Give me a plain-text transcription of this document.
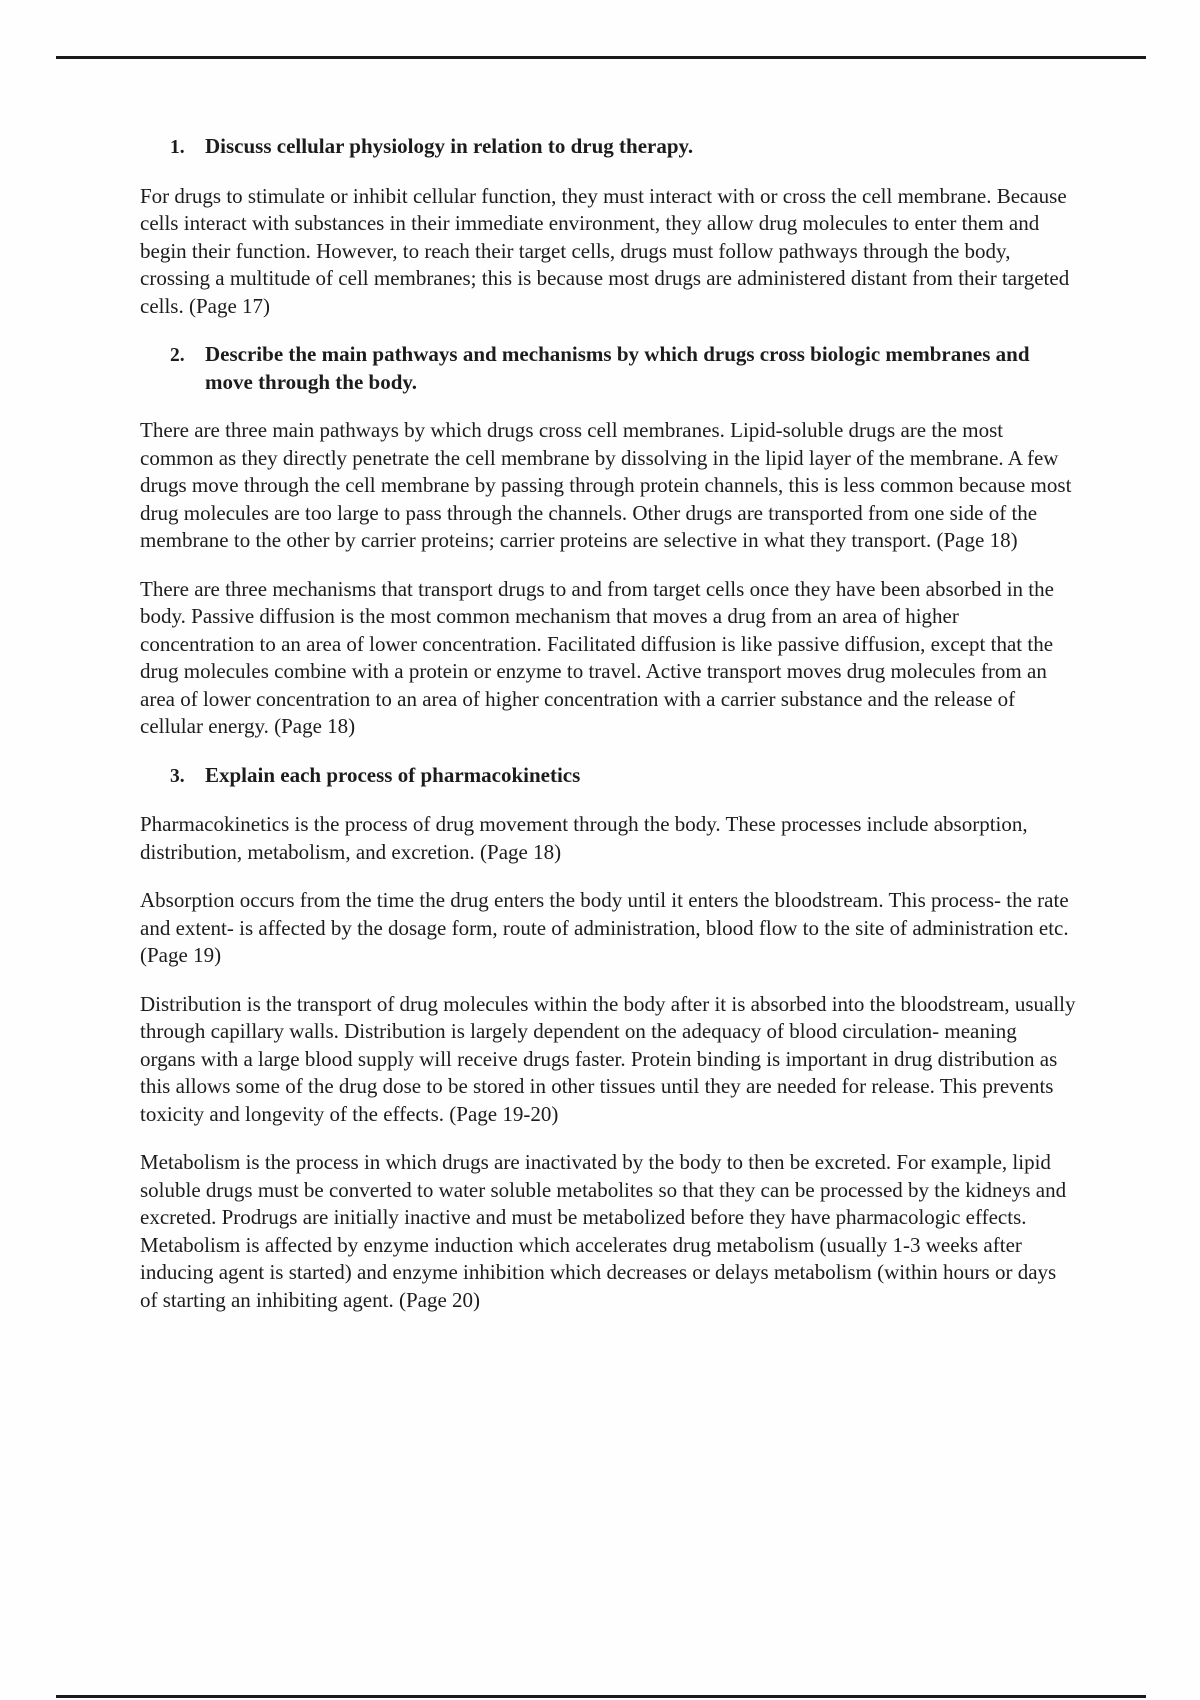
1. Discuss cellular physiology in relation to drug therapy.

For drugs to stimulate or inhibit cellular function, they must interact with or cross the cell membrane. Because cells interact with substances in their immediate environment, they allow drug molecules to enter them and begin their function. However, to reach their target cells, drugs must follow pathways through the body, crossing a multitude of cell membranes; this is because most drugs are administered distant from their targeted cells. (Page 17)

2. Describe the main pathways and mechanisms by which drugs cross biologic membranes and move through the body.

There are three main pathways by which drugs cross cell membranes. Lipid-soluble drugs are the most common as they directly penetrate the cell membrane by dissolving in the lipid layer of the membrane. A few drugs move through the cell membrane by passing through protein channels, this is less common because most drug molecules are too large to pass through the channels. Other drugs are transported from one side of the membrane to the other by carrier proteins; carrier proteins are selective in what they transport. (Page 18)

There are three mechanisms that transport drugs to and from target cells once they have been absorbed in the body. Passive diffusion is the most common mechanism that moves a drug from an area of higher concentration to an area of lower concentration. Facilitated diffusion is like passive diffusion, except that the drug molecules combine with a protein or enzyme to travel. Active transport moves drug molecules from an area of lower concentration to an area of higher concentration with a carrier substance and the release of cellular energy. (Page 18)

3. Explain each process of pharmacokinetics

Pharmacokinetics is the process of drug movement through the body. These processes include absorption, distribution, metabolism, and excretion. (Page 18)

Absorption occurs from the time the drug enters the body until it enters the bloodstream. This process- the rate and extent- is affected by the dosage form, route of administration, blood flow to the site of administration etc. (Page 19)

Distribution is the transport of drug molecules within the body after it is absorbed into the bloodstream, usually through capillary walls. Distribution is largely dependent on the adequacy of blood circulation- meaning organs with a large blood supply will receive drugs faster. Protein binding is important in drug distribution as this allows some of the drug dose to be stored in other tissues until they are needed for release. This prevents toxicity and longevity of the effects. (Page 19-20)

Metabolism is the process in which drugs are inactivated by the body to then be excreted. For example, lipid soluble drugs must be converted to water soluble metabolites so that they can be processed by the kidneys and excreted. Prodrugs are initially inactive and must be metabolized before they have pharmacologic effects. Metabolism is affected by enzyme induction which accelerates drug metabolism (usually 1-3 weeks after inducing agent is started) and enzyme inhibition which decreases or delays metabolism (within hours or days of starting an inhibiting agent. (Page 20)
